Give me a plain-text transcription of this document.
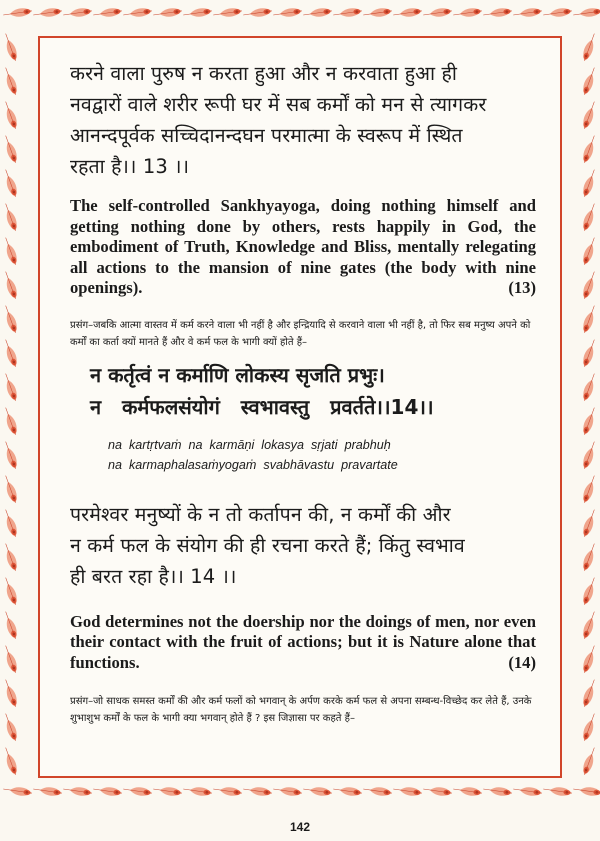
करने वाला पुरुष न करता हुआ और न करवाता हुआ ही
नवद्वारों वाले शरीर रूपी घर में सब कर्मों को मन से त्यागकर
आनन्दपूर्वक सच्चिदानन्दघन परमात्मा के स्वरूप में स्थित
रहता है।। 13 ।।
The self-controlled Sankhyayoga, doing nothing himself and getting nothing done by others, rests happily in God, the embodiment of Truth, Knowledge and Bliss, mentally relegating all actions to the mansion of nine gates (the body with nine openings).	(13)
प्रसंग–जबकि आत्मा वास्तव में कर्म करने वाला भी नहीं है और इन्द्रियादि से करवाने वाला भी नहीं है, तो फिर सब मनुष्य अपने को कर्मों का कर्ता क्यों मानते हैं और वे कर्म फल के भागी क्यों होते हैं–
न कर्तृत्वं न कर्माणि लोकस्य सृजति प्रभुः।
न   कर्मफलसंयोगं   स्वभावस्तु   प्रवर्तते।।14।।
na  kartṛtvaṁ  na  karmāṇi  lokasya  sṛjati  prabhuḥ
na  karmaphalasaṁyogaṁ  svabhāvastu  pravartate
परमेश्वर मनुष्यों के न तो कर्तापन की, न कर्मों की और
न कर्म फल के संयोग की ही रचना करते हैं; किंतु स्वभाव
ही बरत रहा है।। 14 ।।
God determines not the doership nor the doings of men, nor even their contact with the fruit of actions; but it is Nature alone that functions.	(14)
प्रसंग–जो साधक समस्त कर्मों की और कर्म फलों को भगवान् के अर्पण करके कर्म फल से अपना सम्बन्ध-विच्छेद कर लेते हैं, उनके शुभाशुभ कर्मों के फल के भागी क्या भगवान् होते हैं ? इस जिज्ञासा पर कहते हैं–
142
